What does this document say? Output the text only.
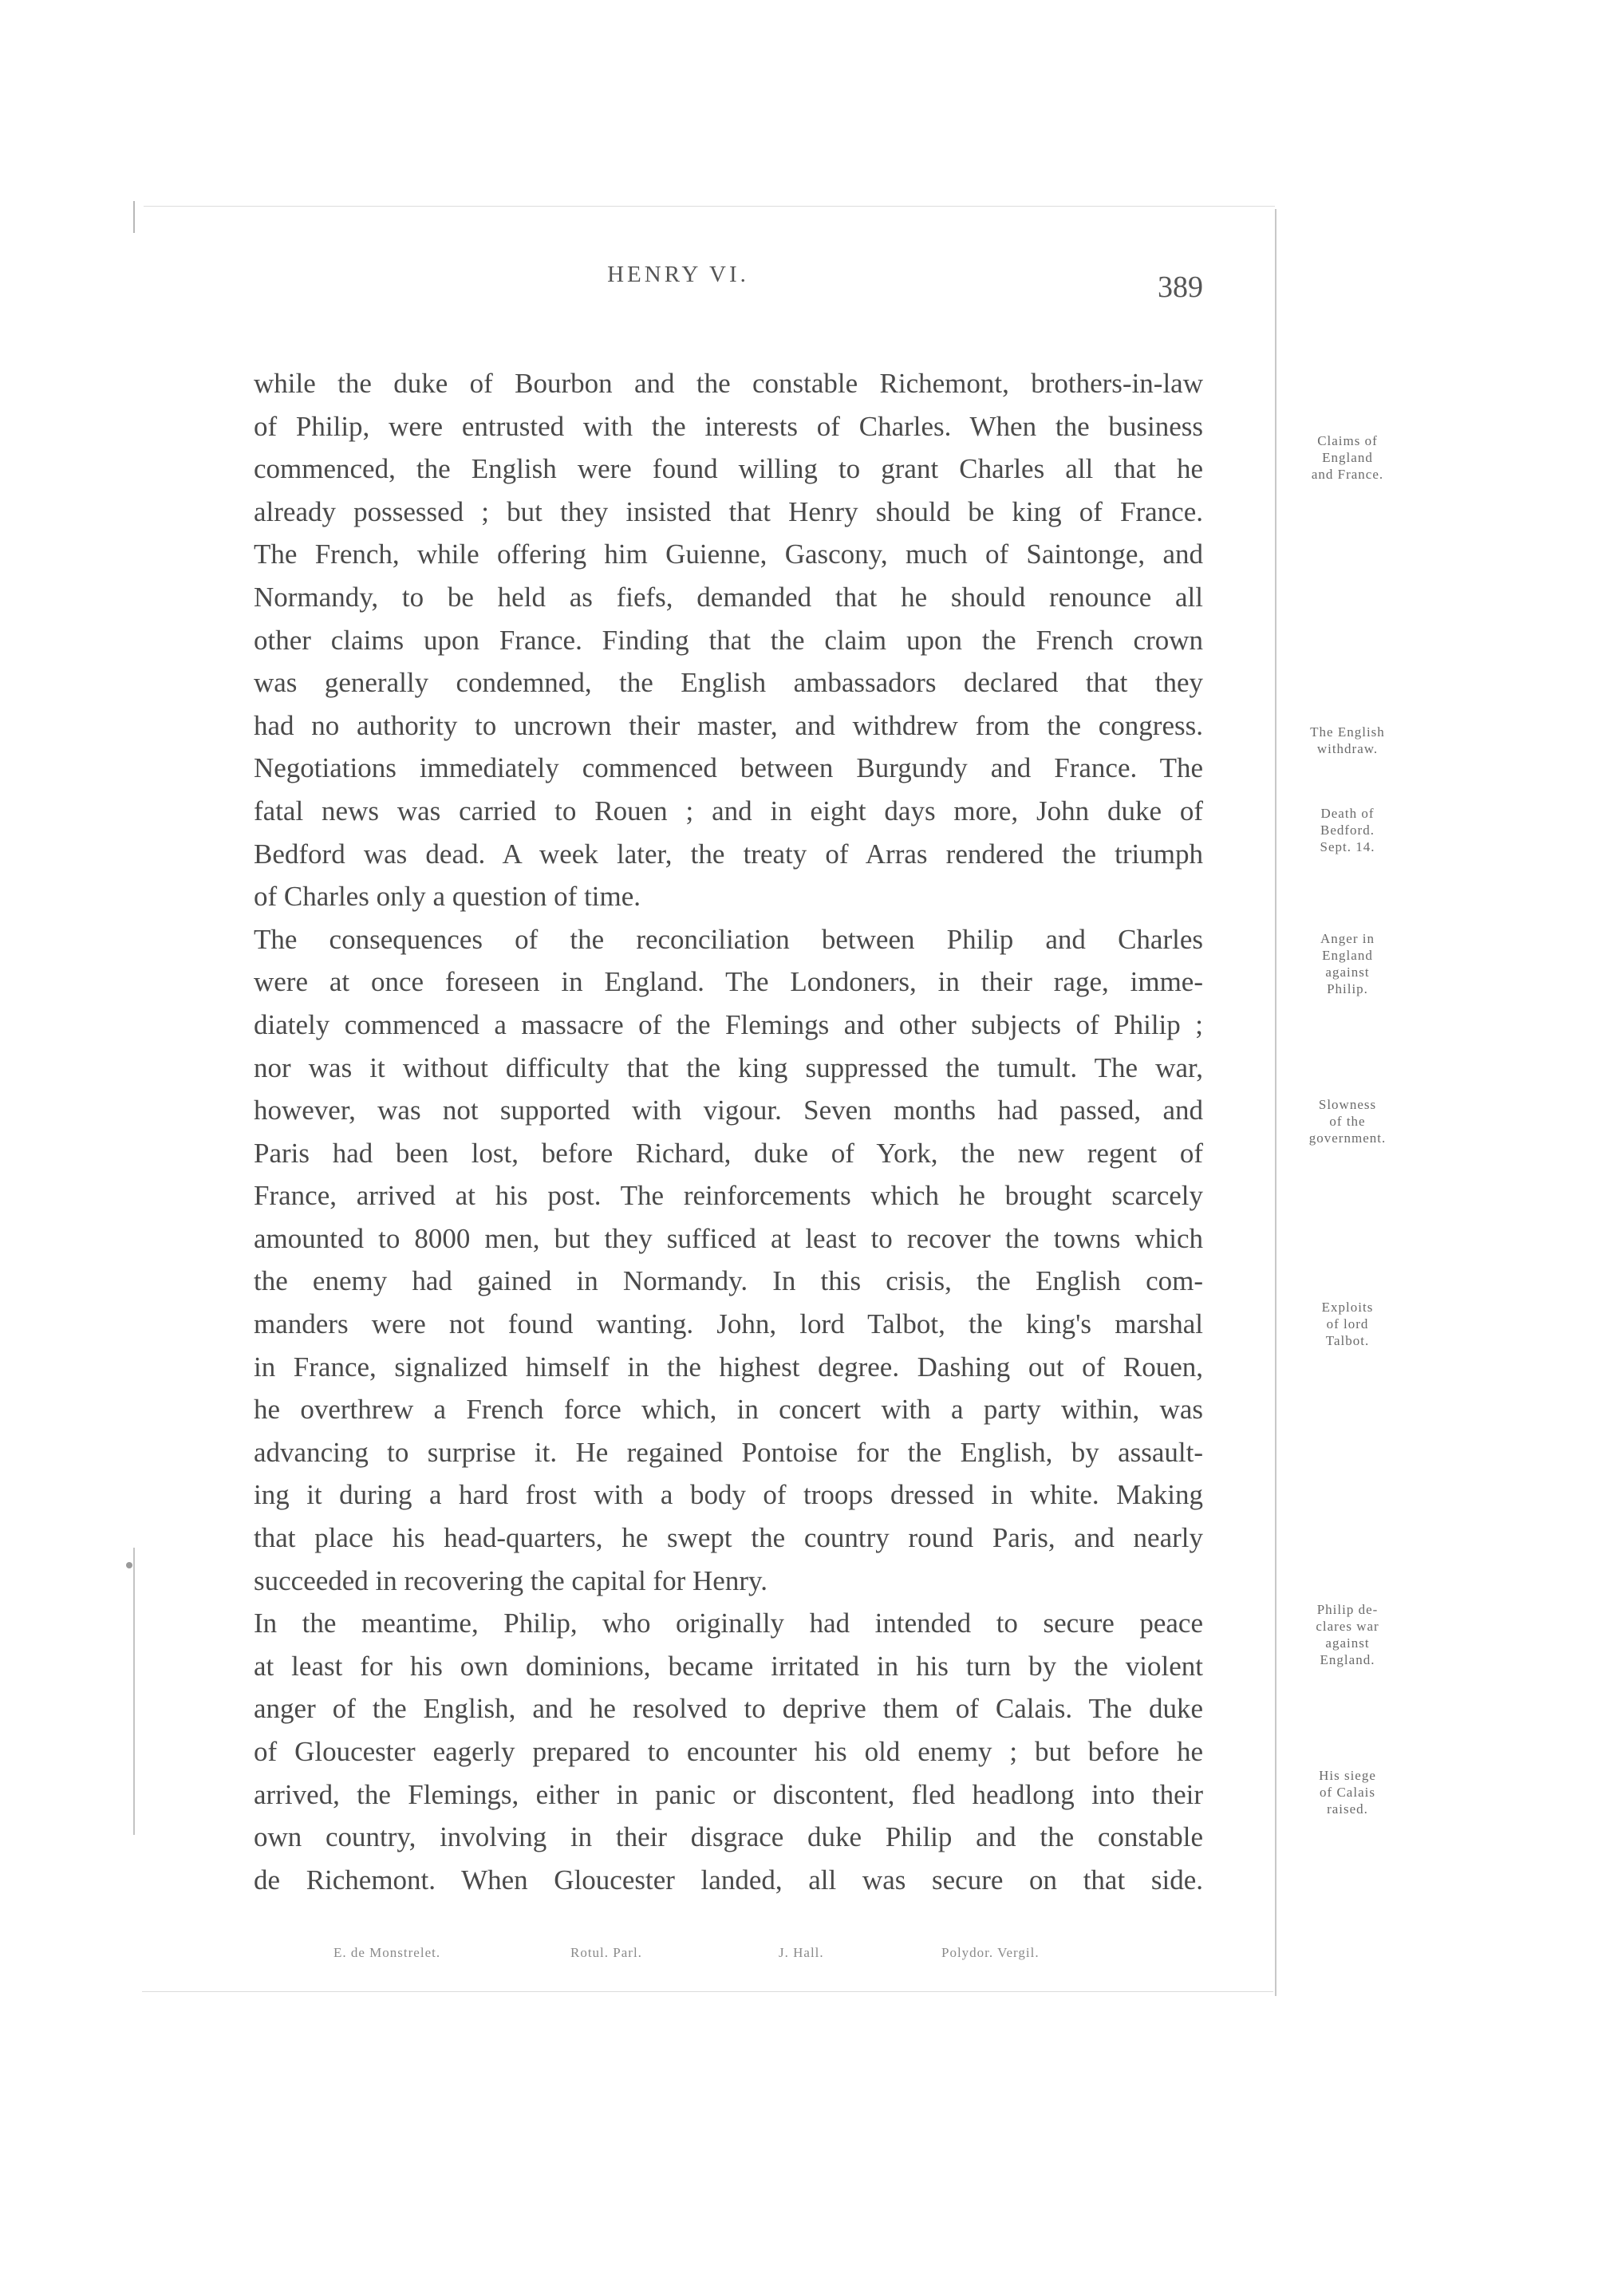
HENRY VI.	389
while the duke of Bourbon and the constable Richemont, brothers-in-law
of Philip, were entrusted with the interests of Charles. When the business
commenced, the English were found willing to grant Charles all that he
already possessed ; but they insisted that Henry should be king of France.
The French, while offering him Guienne, Gascony, much of Saintonge, and
Normandy, to be held as fiefs, demanded that he should renounce all
other claims upon France. Finding that the claim upon the French crown
was generally condemned, the English ambassadors declared that they
had no authority to uncrown their master, and withdrew from the congress.
Negotiations immediately commenced between Burgundy and France. The
fatal news was carried to Rouen ; and in eight days more, John duke of
Bedford was dead. A week later, the treaty of Arras rendered the triumph
of Charles only a question of time.
The consequences of the reconciliation between Philip and Charles
were at once foreseen in England. The Londoners, in their rage, imme-
diately commenced a massacre of the Flemings and other subjects of Philip ;
nor was it without difficulty that the king suppressed the tumult. The war,
however, was not supported with vigour. Seven months had passed, and
Paris had been lost, before Richard, duke of York, the new regent of
France, arrived at his post. The reinforcements which he brought scarcely
amounted to 8000 men, but they sufficed at least to recover the towns which
the enemy had gained in Normandy. In this crisis, the English com-
manders were not found wanting. John, lord Talbot, the king's marshal
in France, signalized himself in the highest degree. Dashing out of Rouen,
he overthrew a French force which, in concert with a party within, was
advancing to surprise it. He regained Pontoise for the English, by assault-
ing it during a hard frost with a body of troops dressed in white. Making
that place his head-quarters, he swept the country round Paris, and nearly
succeeded in recovering the capital for Henry.
In the meantime, Philip, who originally had intended to secure peace
at least for his own dominions, became irritated in his turn by the violent
anger of the English, and he resolved to deprive them of Calais. The duke
of Gloucester eagerly prepared to encounter his old enemy ; but before he
arrived, the Flemings, either in panic or discontent, fled headlong into their
own country, involving in their disgrace duke Philip and the constable
de Richemont. When Gloucester landed, all was secure on that side.
Claims of
England
and France.
The English
withdraw.
Death of
Bedford.
Sept. 14.
Anger in
England
against
Philip.
Slowness
of the
government.
Exploits
of lord
Talbot.
Philip de-
clares war
against
England.
His siege
of Calais
raised.
E. de Monstrelet.	Rotul. Parl.	J. Hall.	Polydor. Vergil.
